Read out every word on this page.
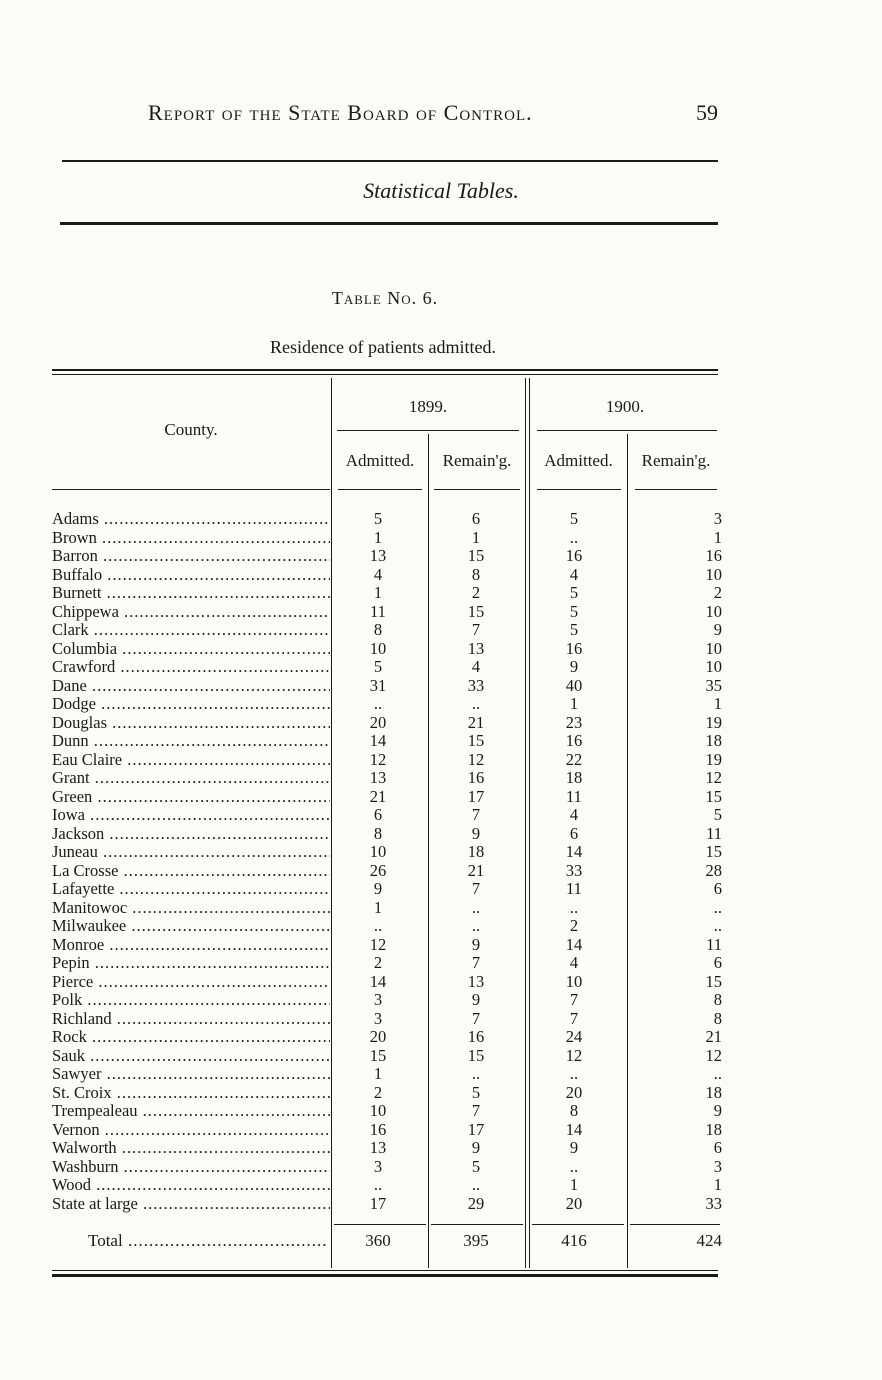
Report of the State Board of Control.	59
Statistical Tables.
Table No. 6.
Residence of patients admitted.
County.
1899.	1900.
Admitted.	Remain'g.	Admitted.	Remain'g.
Adams .....	5	6	5	3
Brown .....	1	1	..	1
Barron .....	13	15	16	16
Buffalo .....	4	8	4	10
Burnett .....	1	2	5	2
Chippewa .....	11	15	5	10
Clark .....	8	7	5	9
Columbia .....	10	13	16	10
Crawford .....	5	4	9	10
Dane .....	31	33	40	35
Dodge .....	..	..	1	1
Douglas .....	20	21	23	19
Dunn .....	14	15	16	18
Eau Claire .....	12	12	22	19
Grant .....	13	16	18	12
Green .....	21	17	11	15
Iowa .....	6	7	4	5
Jackson .....	8	9	6	11
Juneau .....	10	18	14	15
La Crosse .....	26	21	33	28
Lafayette .....	9	7	11	6
Manitowoc .....	1	..	..	..
Milwaukee .....	..	..	2	..
Monroe .....	12	9	14	11
Pepin .....	2	7	4	6
Pierce .....	14	13	10	15
Polk .....	3	9	7	8
Richland .....	3	7	7	8
Rock .....	20	16	24	21
Sauk .....	15	15	12	12
Sawyer .....	1	..	..	..
St. Croix .....	2	5	20	18
Trempealeau .....	10	7	8	9
Vernon .....	16	17	14	18
Walworth .....	13	9	9	6
Washburn .....	3	5	..	3
Wood .....	..	..	1	1
State at large .....	17	29	20	33
Total .....	360	395	416	424
